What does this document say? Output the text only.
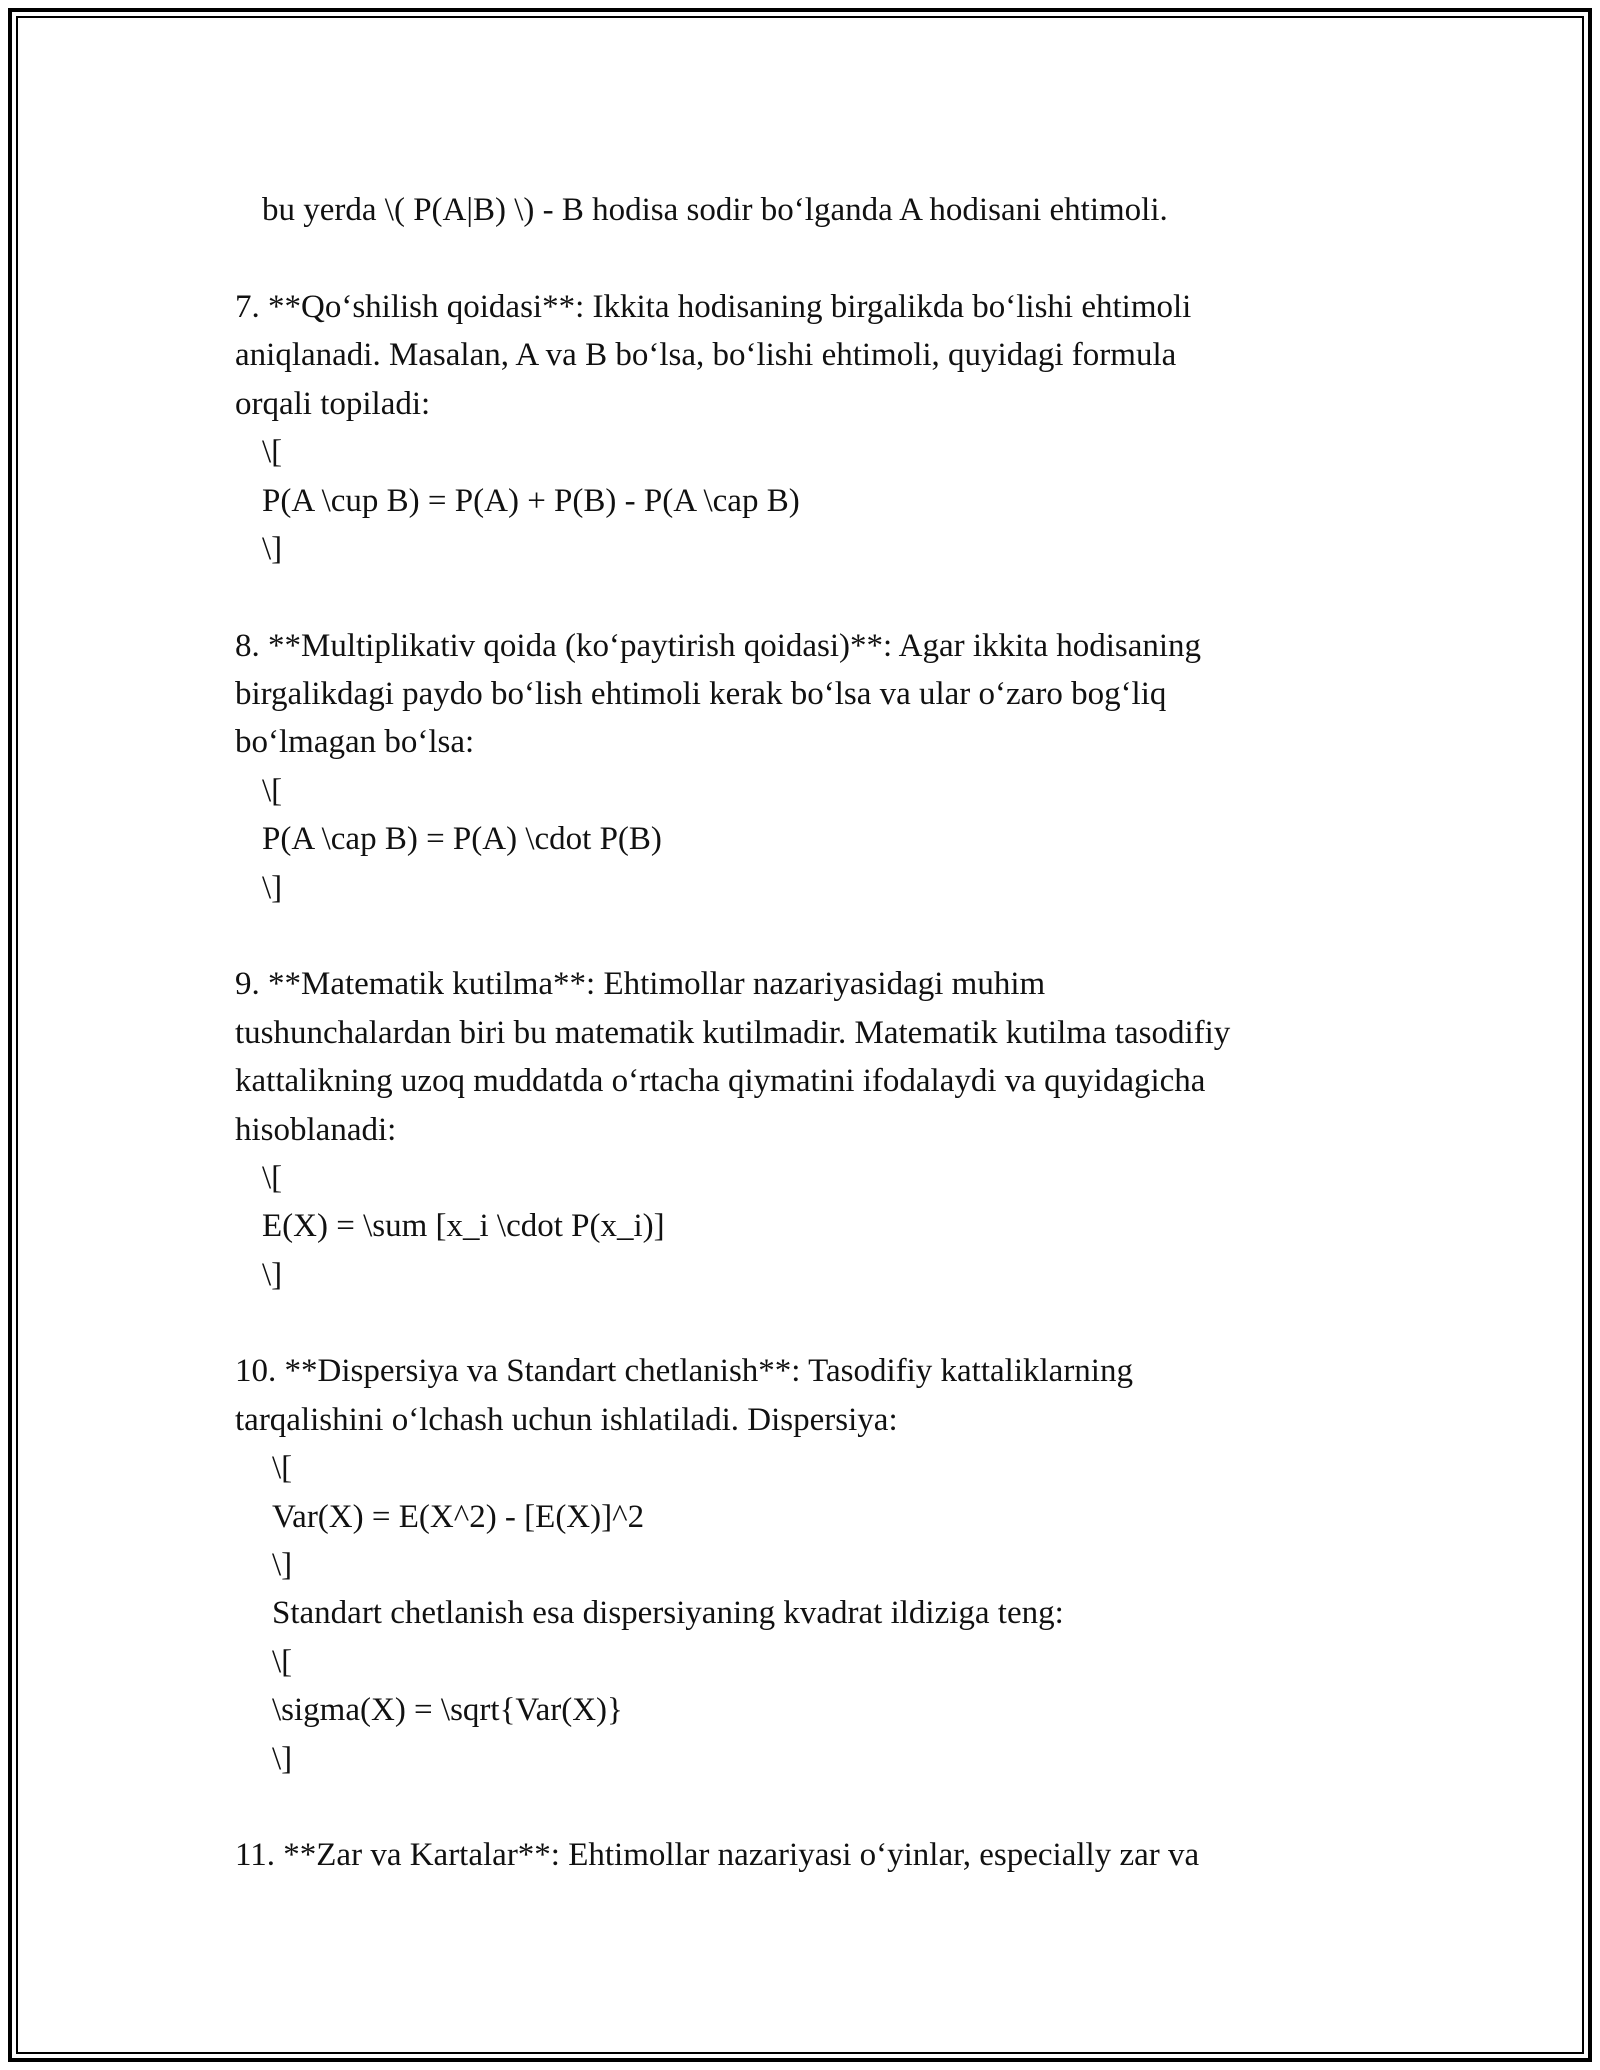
bu yerda \( P(A|B) \) - B hodisa sodir bo‘lganda A hodisani ehtimoli.
7. **Qo‘shilish qoidasi**: Ikkita hodisaning birgalikda bo‘lishi ehtimoli
aniqlanadi. Masalan, A va B bo‘lsa, bo‘lishi ehtimoli, quyidagi formula
orqali topiladi:
\[
P(A \cup B) = P(A) + P(B) - P(A \cap B)
\]
8. **Multiplikativ qoida (ko‘paytirish qoidasi)**: Agar ikkita hodisaning
birgalikdagi paydo bo‘lish ehtimoli kerak bo‘lsa va ular o‘zaro bog‘liq
bo‘lmagan bo‘lsa:
\[
P(A \cap B) = P(A) \cdot P(B)
\]
9. **Matematik kutilma**: Ehtimollar nazariyasidagi muhim
tushunchalardan biri bu matematik kutilmadir. Matematik kutilma tasodifiy
kattalikning uzoq muddatda o‘rtacha qiymatini ifodalaydi va quyidagicha
hisoblanadi:
\[
E(X) = \sum [x_i \cdot P(x_i)]
\]
10. **Dispersiya va Standart chetlanish**: Tasodifiy kattaliklarning
tarqalishini o‘lchash uchun ishlatiladi. Dispersiya:
\[
Var(X) = E(X^2) - [E(X)]^2
\]
Standart chetlanish esa dispersiyaning kvadrat ildiziga teng:
\[
\sigma(X) = \sqrt{Var(X)}
\]
11. **Zar va Kartalar**: Ehtimollar nazariyasi o‘yinlar, especially zar va
